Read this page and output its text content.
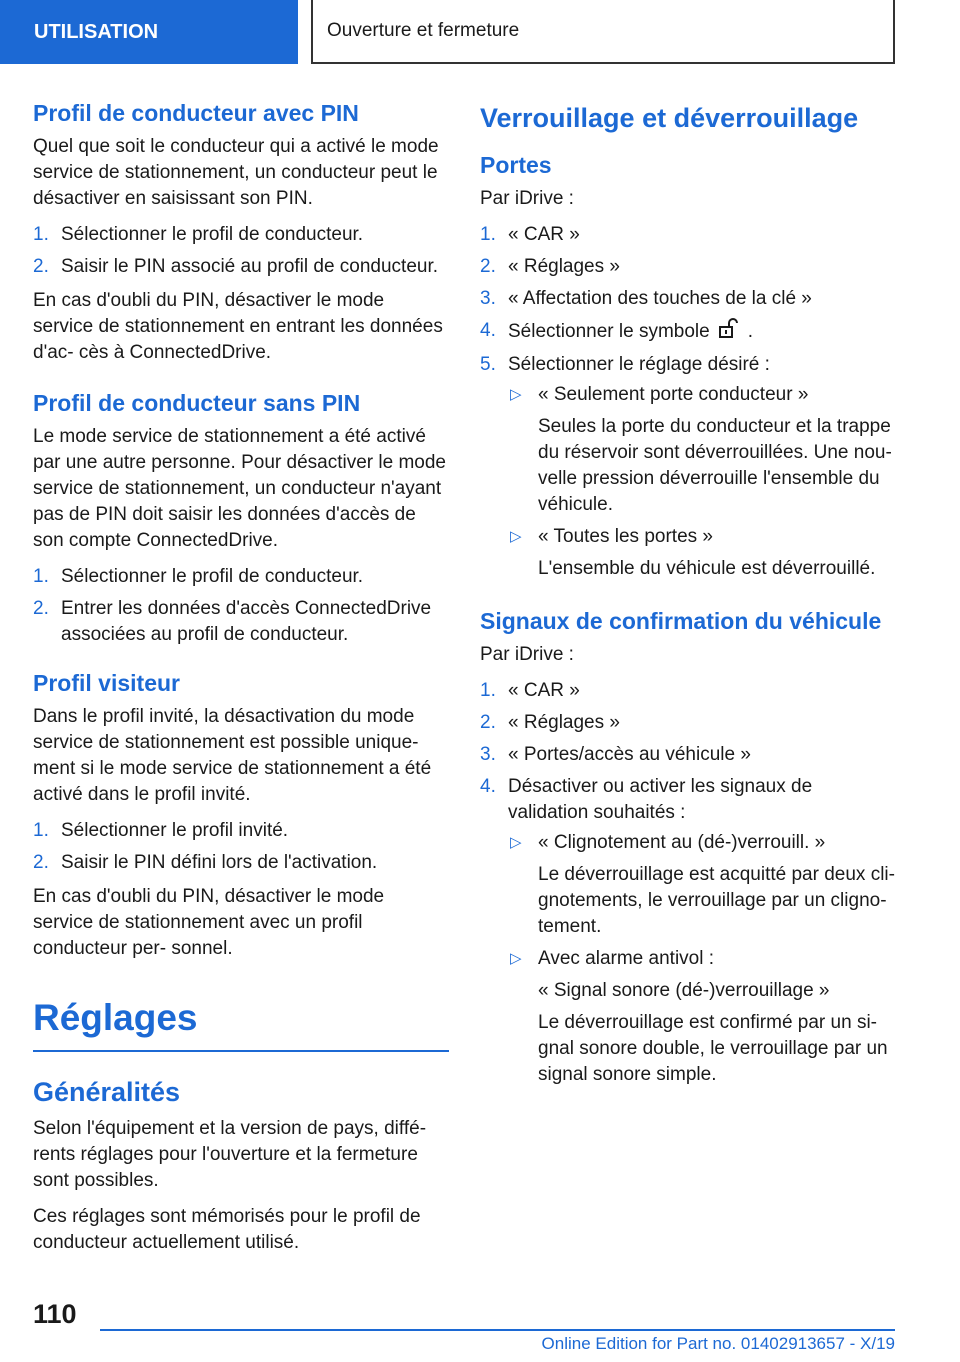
UTILISATION	Ouverture et fermeture
Profil de conducteur avec PIN

Quel que soit le conducteur qui a activé le mode service de stationnement, un conducteur peut le désactiver en saisissant son PIN.

1. Sélectionner le profil de conducteur.
2. Saisir le PIN associé au profil de conducteur.

En cas d'oubli du PIN, désactiver le mode service de stationnement en entrant les données d'ac- cès à ConnectedDrive.

Profil de conducteur sans PIN

Le mode service de stationnement a été activé par une autre personne. Pour désactiver le mode service de stationnement, un conducteur n'ayant pas de PIN doit saisir les données d'accès de son compte ConnectedDrive.

1. Sélectionner le profil de conducteur.
2. Entrer les données d'accès ConnectedDrive associées au profil de conducteur.
Profil visiteur

Dans le profil invité, la désactivation du mode service de stationnement est possible unique- ment si le mode service de stationnement a été activé dans le profil invité.

1. Sélectionner le profil invité.
2. Saisir le PIN défini lors de l'activation.

En cas d'oubli du PIN, désactiver le mode service de stationnement avec un profil conducteur per- sonnel.

Réglages
Généralités

Selon l'équipement et la version de pays, diffé- rents réglages pour l'ouverture et la fermeture sont possibles.

Ces réglages sont mémorisés pour le profil de conducteur actuellement utilisé.

Verrouillage et déverrouillage
Portes

Par iDrive :

1. « CAR »
2. « Réglages »
3. « Affectation des touches de la clé »
4. Sélectionner le symbole .
5. Sélectionner le réglage désiré :
▷ « Seulement porte conducteur »
Seules la porte du conducteur et la trappe du réservoir sont déverrouillées. Une nou- velle pression déverrouille l'ensemble du véhicule.
▷ « Toutes les portes »
L'ensemble du véhicule est déverrouillé.
Signaux de confirmation du véhicule

Par iDrive :

1. « CAR »
2. « Réglages »
3. « Portes/accès au véhicule »
4. Désactiver ou activer les signaux de validation souhaités :
▷ « Clignotement au (dé-)verrouill. »
Le déverrouillage est acquitté par deux cli- gnotements, le verrouillage par un cligno- tement.
▷ Avec alarme antivol :
« Signal sonore (dé-)verrouillage »
Le déverrouillage est confirmé par un si- gnal sonore double, le verrouillage par un signal sonore simple.
110
Online Edition for Part no. 01402913657 - X/19
